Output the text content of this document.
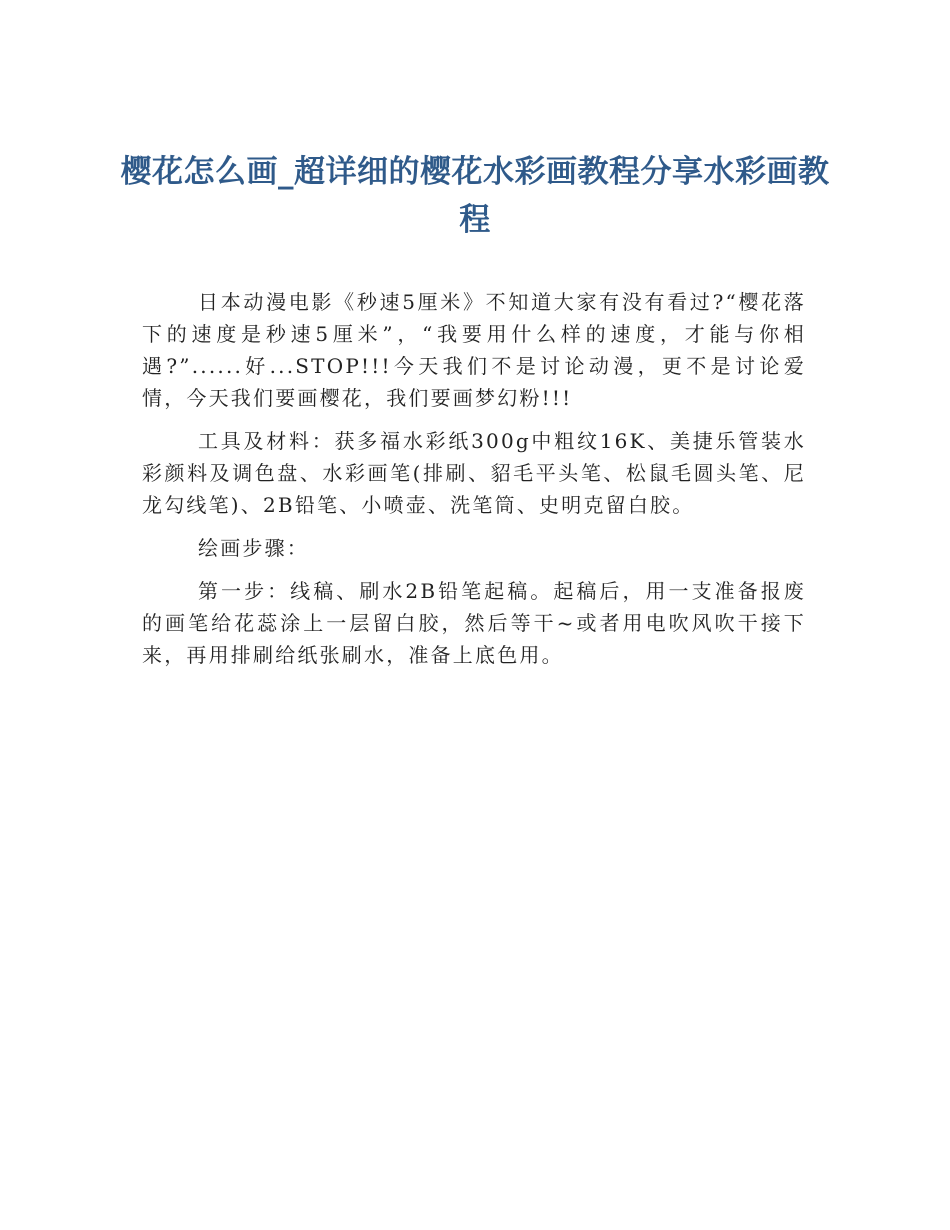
樱花怎么画_超详细的樱花水彩画教程分享水彩画教程

日本动漫电影《秒速5厘米》不知道大家有没有看过?“樱花落下的速度是秒速5厘米”，“我要用什么样的速度，才能与你相遇?”......好...STOP!!!今天我们不是讨论动漫，更不是讨论爱情，今天我们要画樱花，我们要画梦幻粉!!!

工具及材料：获多福水彩纸300g中粗纹16K、美捷乐管装水彩颜料及调色盘、水彩画笔(排刷、貂毛平头笔、松鼠毛圆头笔、尼龙勾线笔)、2B铅笔、小喷壶、洗笔筒、史明克留白胶。

绘画步骤：

第一步：线稿、刷水2B铅笔起稿。起稿后，用一支准备报废的画笔给花蕊涂上一层留白胶，然后等干~或者用电吹风吹干接下来，再用排刷给纸张刷水，准备上底色用。
